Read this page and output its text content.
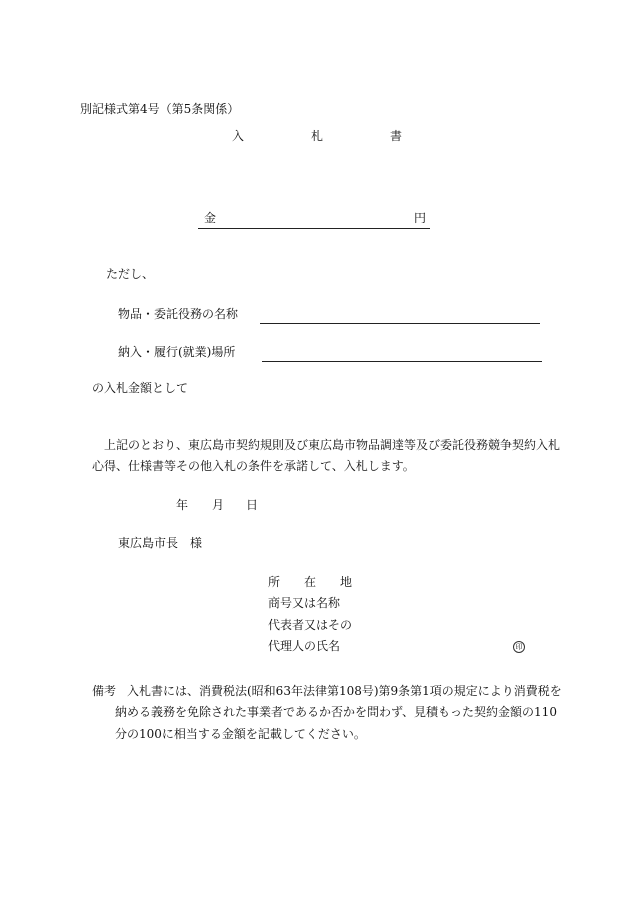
別記様式第4号（第5条関係）
入	札	書
金	円
ただし、
物品・委託役務の名称
納入・履行(就業)場所
の入札金額として
上記のとおり、東広島市契約規則及び東広島市物品調達等及び委託役務競争契約入札
心得、仕様書等その他入札の条件を承諾して、入札します。
年 月 日
東広島市長　様
所　　在　　地
商号又は名称
代表者又はその
代理人の氏名	印
備考 入札書には、消費税法(昭和63年法律第108号)第9条第1項の規定により消費税を
納める義務を免除された事業者であるか否かを問わず、見積もった契約金額の110
分の100に相当する金額を記載してください。
